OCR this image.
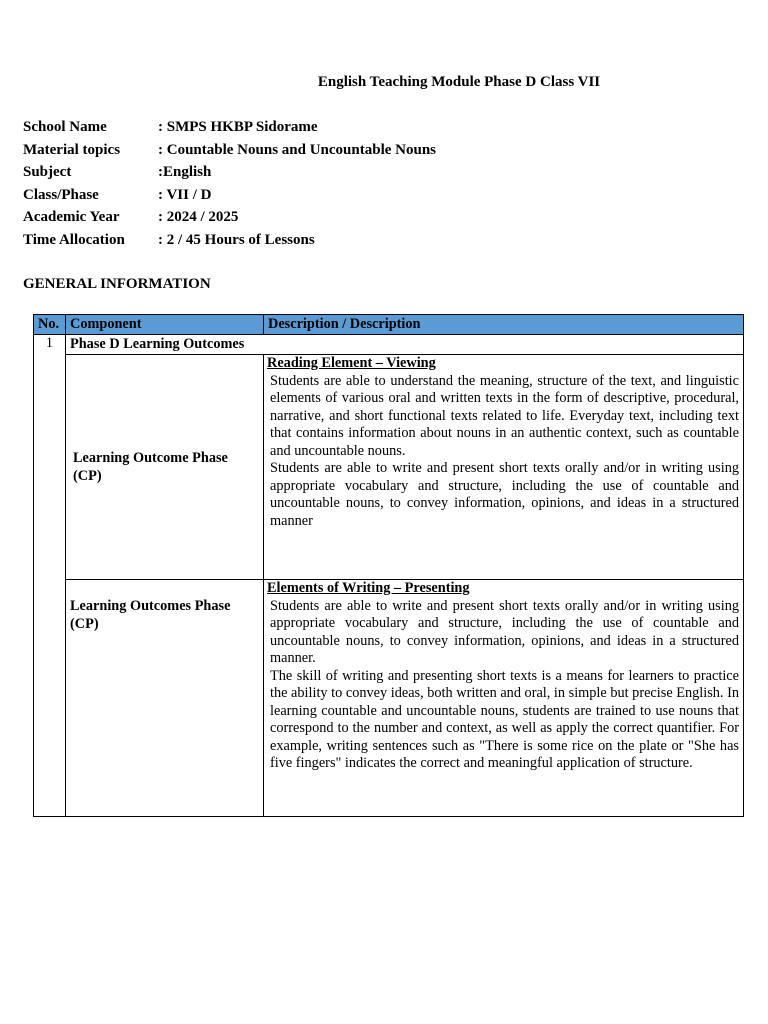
English Teaching Module Phase D Class VII
School Name	: SMPS HKBP Sidorame
Material topics	: Countable Nouns and Uncountable Nouns
Subject	:English
Class/Phase	: VII / D
Academic Year	: 2024 / 2025
Time Allocation : 2 / 45 Hours of Lessons
GENERAL INFORMATION
No.	Component	Description / Description
1	Phase D Learning Outcomes	
	Learning Outcome Phase (CP)	Reading Element – Viewing
Students are able to understand the meaning, structure of the text, and linguistic elements of various oral and written texts in the form of descriptive, procedural, narrative, and short functional texts related to life. Everyday text, including text that contains information about nouns in an authentic context, such as countable and uncountable nouns.
Students are able to write and present short texts orally and/or in writing using appropriate vocabulary and structure, including the use of countable and uncountable nouns, to convey information, opinions, and ideas in a structured manner

	Learning Outcomes Phase (CP)	Elements of Writing – Presenting
Students are able to write and present short texts orally and/or in writing using appropriate vocabulary and structure, including the use of countable and uncountable nouns, to convey information, opinions, and ideas in a structured manner.
The skill of writing and presenting short texts is a means for learners to practice the ability to convey ideas, both written and oral, in simple but precise English. In learning countable and uncountable nouns, students are trained to use nouns that correspond to the number and context, as well as apply the correct quantifier. For example, writing sentences such as "There is some rice on the plate or "She has five fingers" indicates the correct and meaningful application of structure.
